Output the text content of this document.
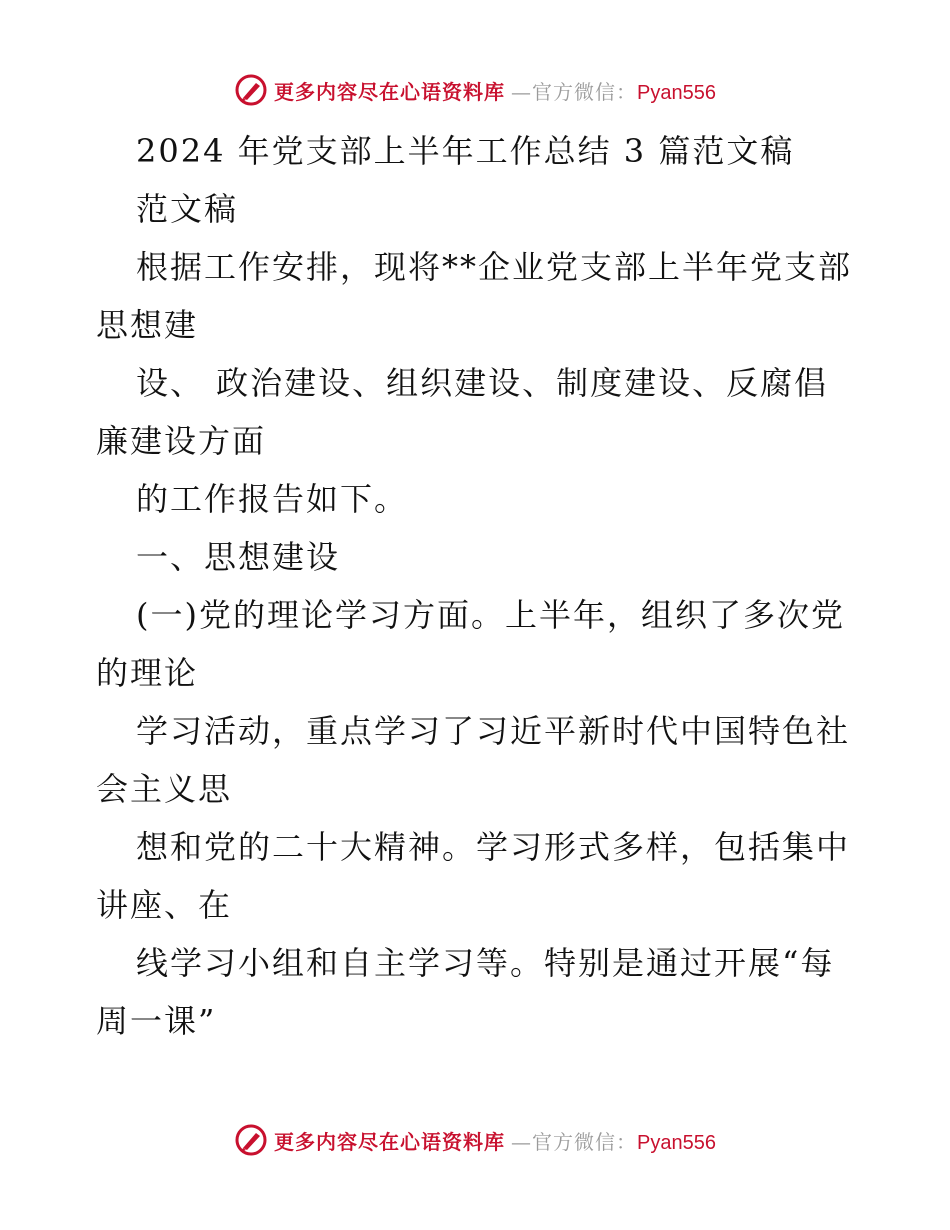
更多内容尽在心语资料库 —官方微信：Pyan556
2024 年党支部上半年工作总结 3 篇范文稿
范文稿
根据工作安排，现将**企业党支部上半年党支部
思想建
设、 政治建设、组织建设、制度建设、反腐倡
廉建设方面
的工作报告如下。
一、思想建设
(一)党的理论学习方面。上半年，组织了多次党
的理论
学习活动，重点学习了习近平新时代中国特色社
会主义思
想和党的二十大精神。学习形式多样，包括集中
讲座、在
线学习小组和自主学习等。特别是通过开展“每
周一课”
更多内容尽在心语资料库 —官方微信：Pyan556
